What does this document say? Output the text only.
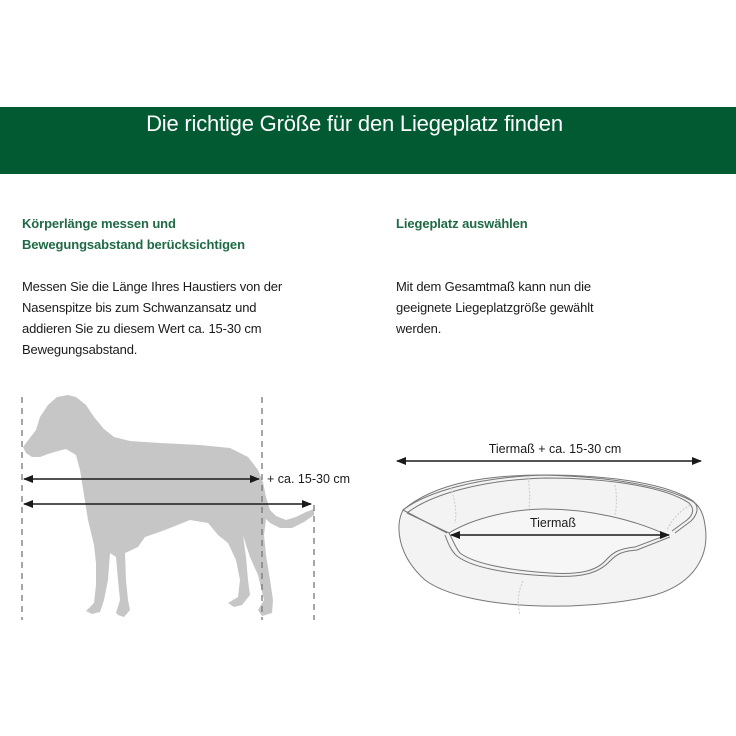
Die richtige Größe für den Liegeplatz finden
Körperlänge messen und
Bewegungsabstand berücksichtigen

Messen Sie die Länge Ihres Haustiers von der
Nasenspitze bis zum Schwanzansatz und
addieren Sie zu diesem Wert ca. 15-30 cm
Bewegungsabstand.

Liegeplatz auswählen

Mit dem Gesamtmaß kann nun die
geeignete Liegeplatzgröße gewählt
werden.

+ ca. 15-30 cm
Tiermaß + ca. 15-30 cm
Tiermaß
